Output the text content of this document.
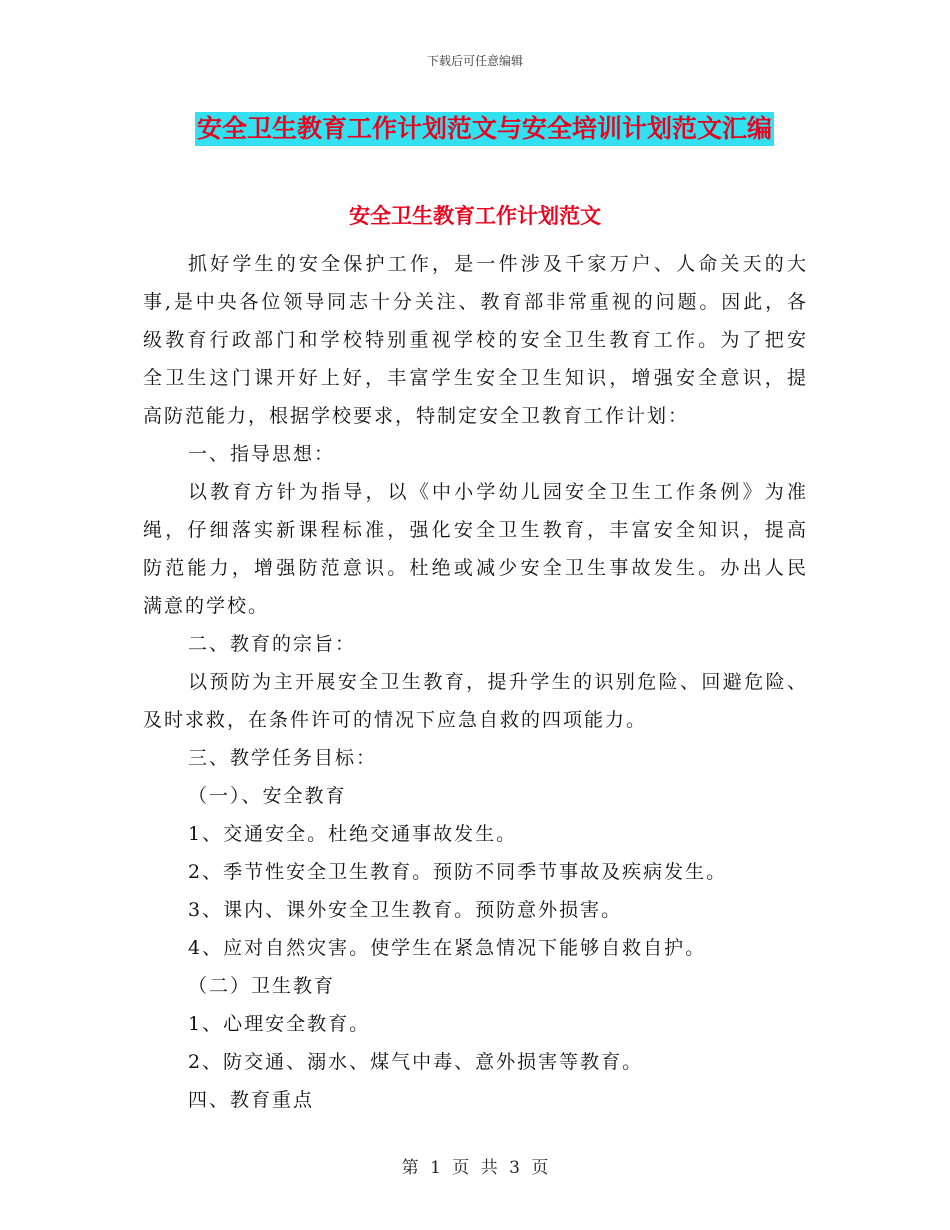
下载后可任意编辑
安全卫生教育工作计划范文与安全培训计划范文汇编
安全卫生教育工作计划范文
抓好学生的安全保护工作，是一件涉及千家万户、人命关天的大
事,是中央各位领导同志十分关注、教育部非常重视的问题。因此，各
级教育行政部门和学校特别重视学校的安全卫生教育工作。为了把安
全卫生这门课开好上好，丰富学生安全卫生知识，增强安全意识，提
高防范能力，根据学校要求，特制定安全卫教育工作计划：
一、指导思想：
以教育方针为指导，以《中小学幼儿园安全卫生工作条例》为准
绳，仔细落实新课程标准，强化安全卫生教育，丰富安全知识，提高
防范能力，增强防范意识。杜绝或减少安全卫生事故发生。办出人民
满意的学校。
二、教育的宗旨：
以预防为主开展安全卫生教育，提升学生的识别危险、回避危险、
及时求救，在条件许可的情况下应急自救的四项能力。
三、教学任务目标：
（一）、安全教育
1、交通安全。杜绝交通事故发生。
2、季节性安全卫生教育。预防不同季节事故及疾病发生。
3、课内、课外安全卫生教育。预防意外损害。
4、应对自然灾害。使学生在紧急情况下能够自救自护。
（二）卫生教育
1、心理安全教育。
2、防交通、溺水、煤气中毒、意外损害等教育。
四、教育重点
第 1 页 共 3 页
